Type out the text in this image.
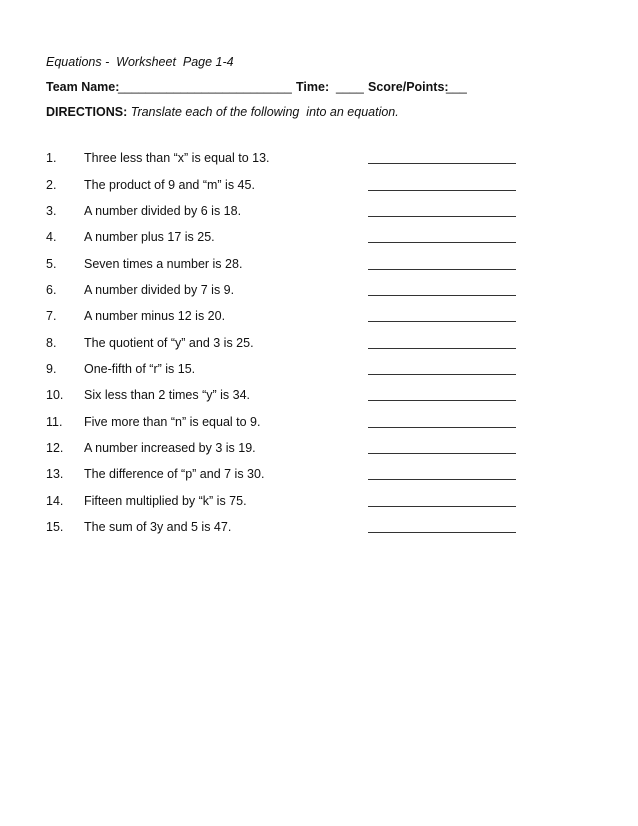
Equations -  Worksheet  Page 1-4

Team Name:

_________________________

Time:

____

Score/Points:

___

DIRECTIONS: Translate each of the following  into an equation.
1. Three less than “x” is equal to 13.
2. The product of 9 and “m” is 45.
3. A number divided by 6 is 18.
4. A number plus 17 is 25.
5. Seven times a number is 28.
6. A number divided by 7 is 9.
7. A number minus 12 is 20.
8. The quotient of “y” and 3 is 25.
9. One-fifth of “r” is 15.
10. Six less than 2 times “y” is 34.
11. Five more than “n” is equal to 9.
12. A number increased by 3 is 19.
13. The difference of “p” and 7 is 30.
14. Fifteen multiplied by “k” is 75.
15. The sum of 3y and 5 is 47.
